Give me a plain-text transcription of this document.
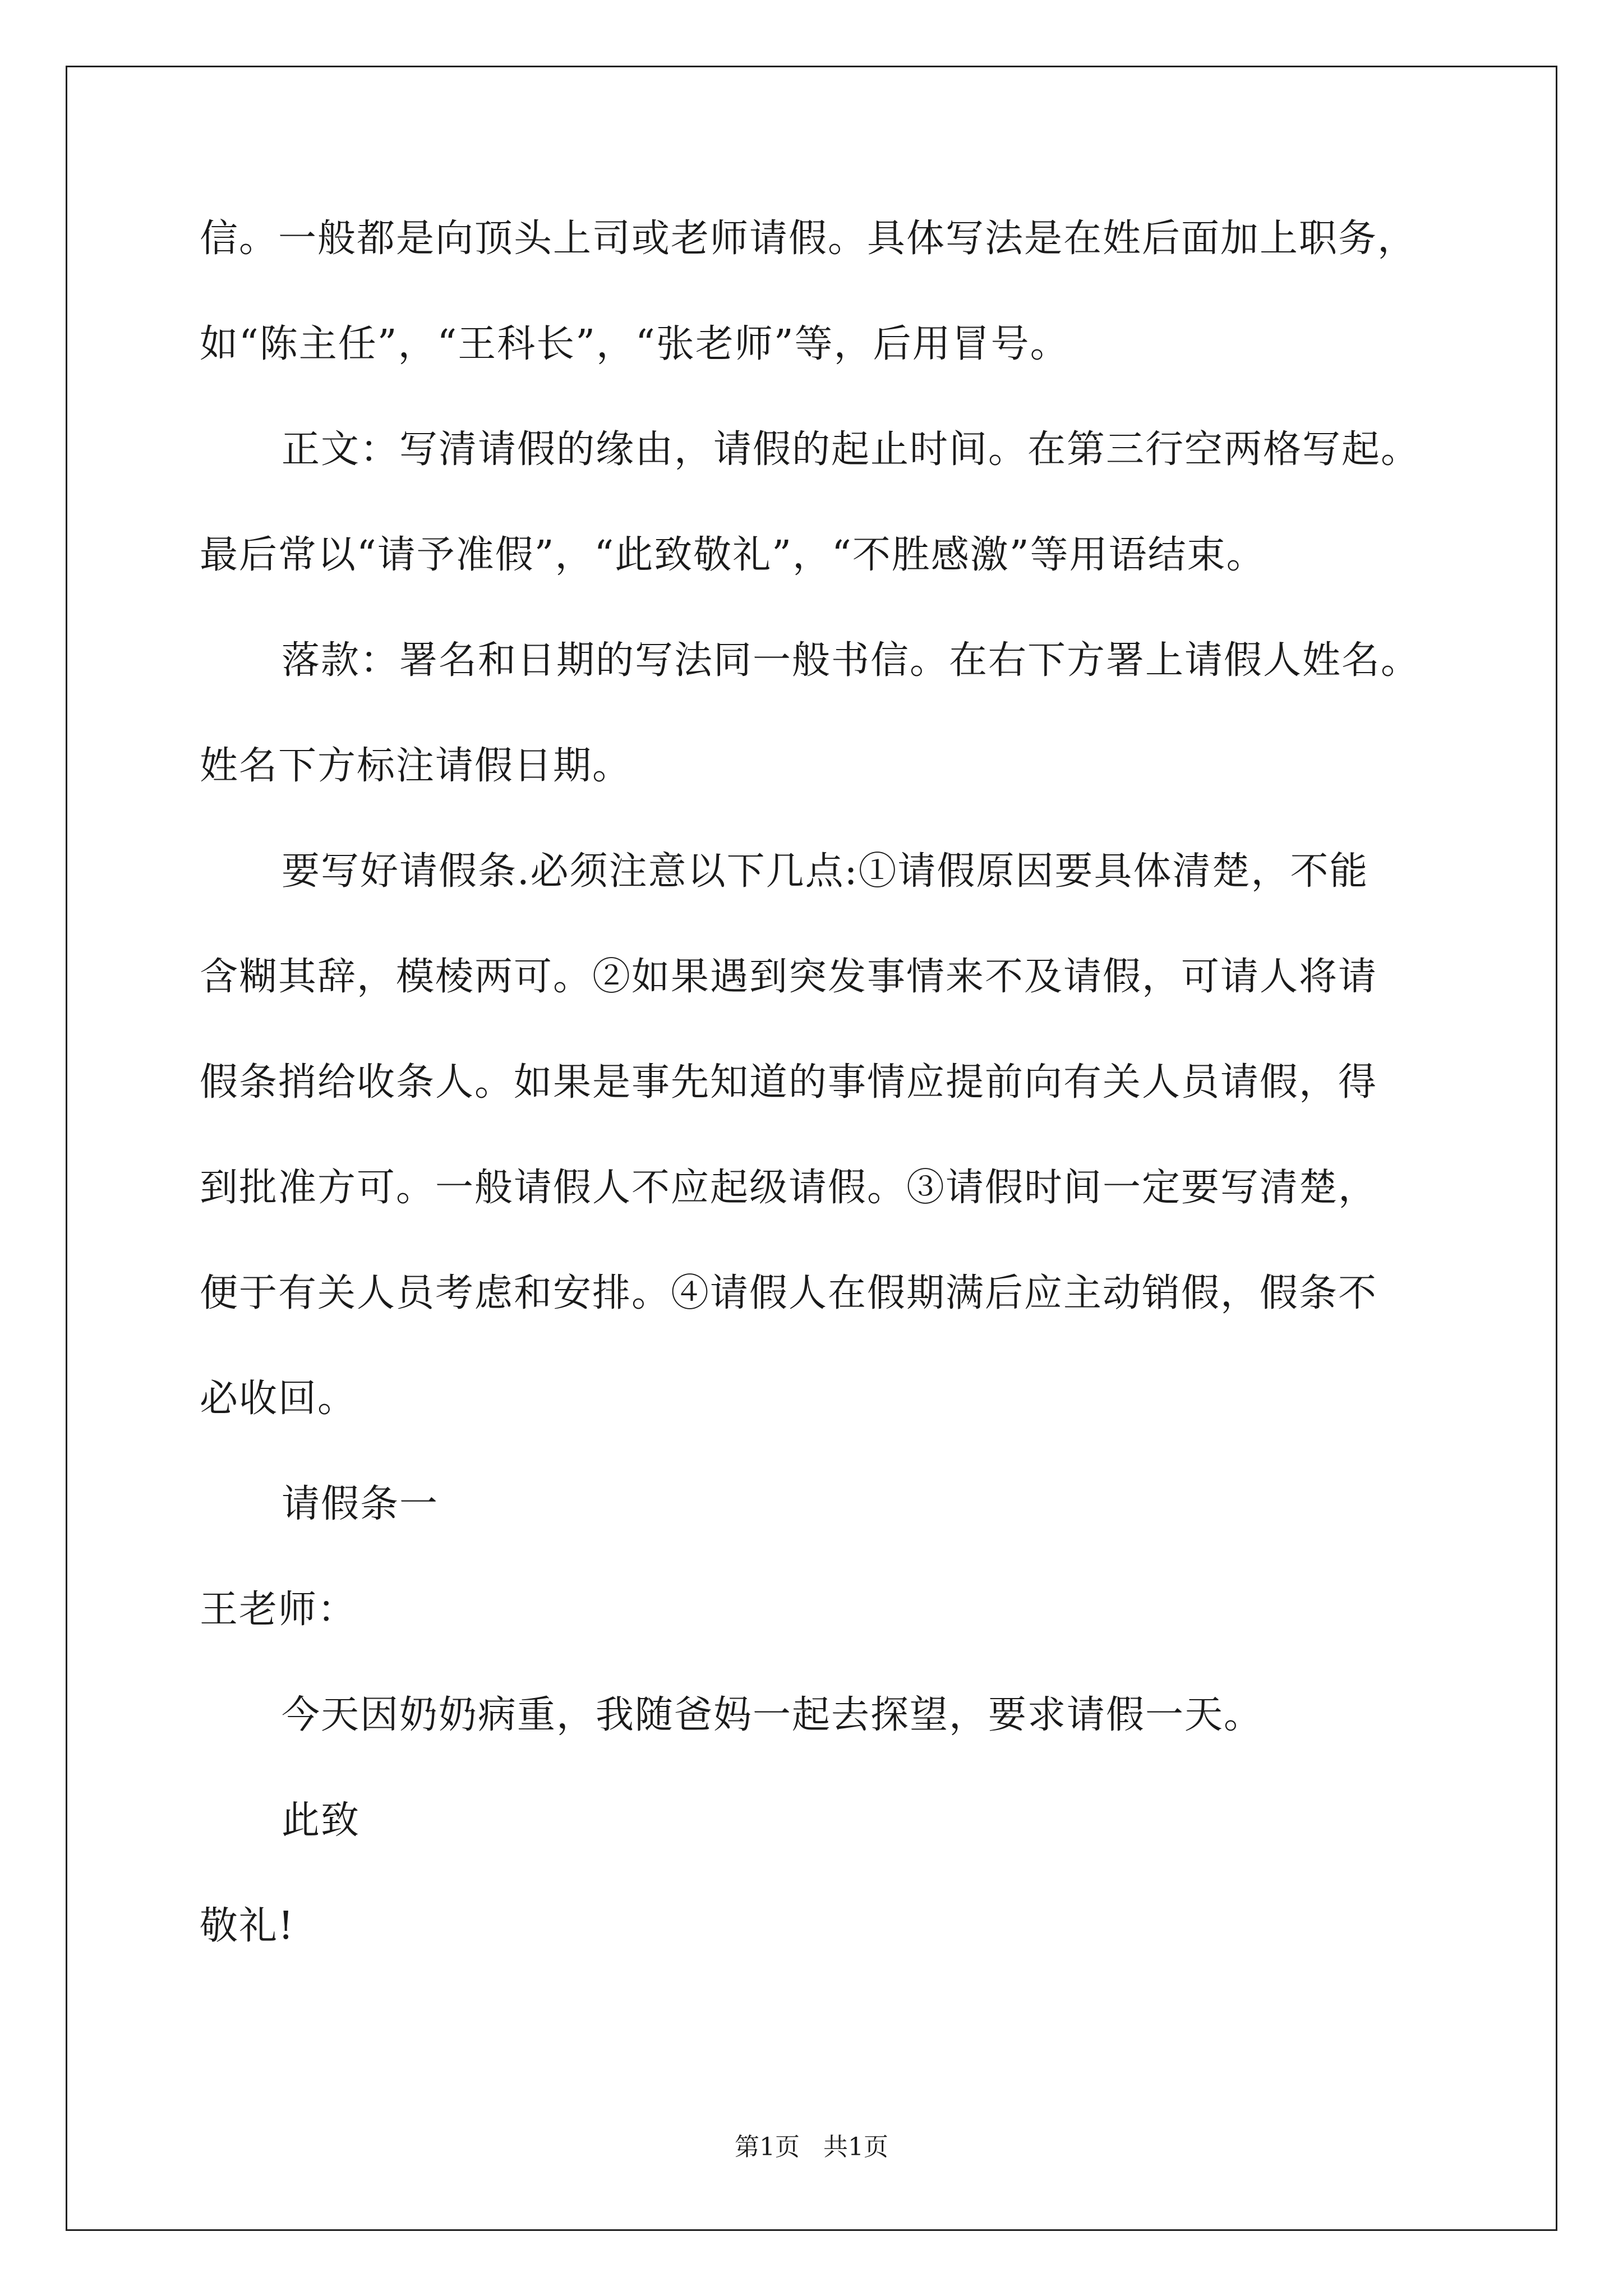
信。一般都是向顶头上司或老师请假。具体写法是在姓后面加上职务，
如“陈主任”，“王科长”，“张老师”等，后用冒号。
正文：写清请假的缘由，请假的起止时间。在第三行空两格写起。
最后常以“请予准假”，“此致敬礼”，“不胜感激”等用语结束。
落款：署名和日期的写法同一般书信。在右下方署上请假人姓名。
姓名下方标注请假日期。
要写好请假条.必须注意以下几点:①请假原因要具体清楚，不能
含糊其辞，模棱两可。②如果遇到突发事情来不及请假，可请人将请
假条捎给收条人。如果是事先知道的事情应提前向有关人员请假，得
到批准方可。一般请假人不应起级请假。③请假时间一定要写清楚，
便于有关人员考虑和安排。④请假人在假期满后应主动销假，假条不
必收回。
请假条一
王老师：
今天因奶奶病重，我随爸妈一起去探望，要求请假一天。
此致
敬礼!
第1页   共1页
